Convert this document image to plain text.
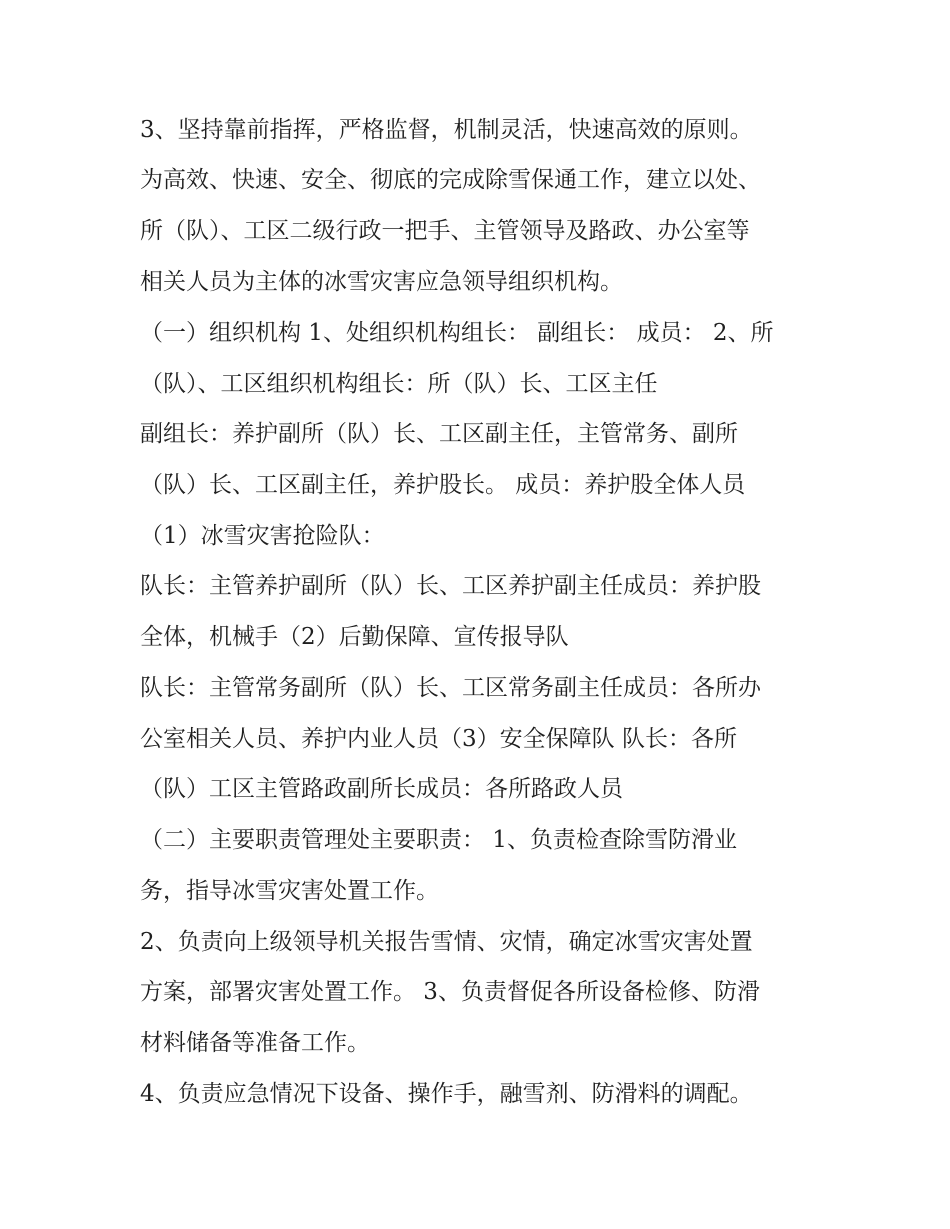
3、坚持靠前指挥，严格监督，机制灵活，快速高效的原则。
为高效、快速、安全、彻底的完成除雪保通工作，建立以处、
所（队）、工区二级行政一把手、主管领导及路政、办公室等
相关人员为主体的冰雪灾害应急领导组织机构。
（一）组织机构 1、处组织机构组长： 副组长： 成员： 2、所
（队）、工区组织机构组长：所（队）长、工区主任
副组长：养护副所（队）长、工区副主任，主管常务、副所
（队）长、工区副主任，养护股长。 成员：养护股全体人员
（1）冰雪灾害抢险队：
队长：主管养护副所（队）长、工区养护副主任成员：养护股
全体，机械手（2）后勤保障、宣传报导队
队长：主管常务副所（队）长、工区常务副主任成员：各所办
公室相关人员、养护内业人员（3）安全保障队 队长：各所
（队）工区主管路政副所长成员：各所路政人员
（二）主要职责管理处主要职责： 1、负责检查除雪防滑业
务，指导冰雪灾害处置工作。
2、负责向上级领导机关报告雪情、灾情，确定冰雪灾害处置
方案，部署灾害处置工作。 3、负责督促各所设备检修、防滑
材料储备等准备工作。
4、负责应急情况下设备、操作手，融雪剂、防滑料的调配。
